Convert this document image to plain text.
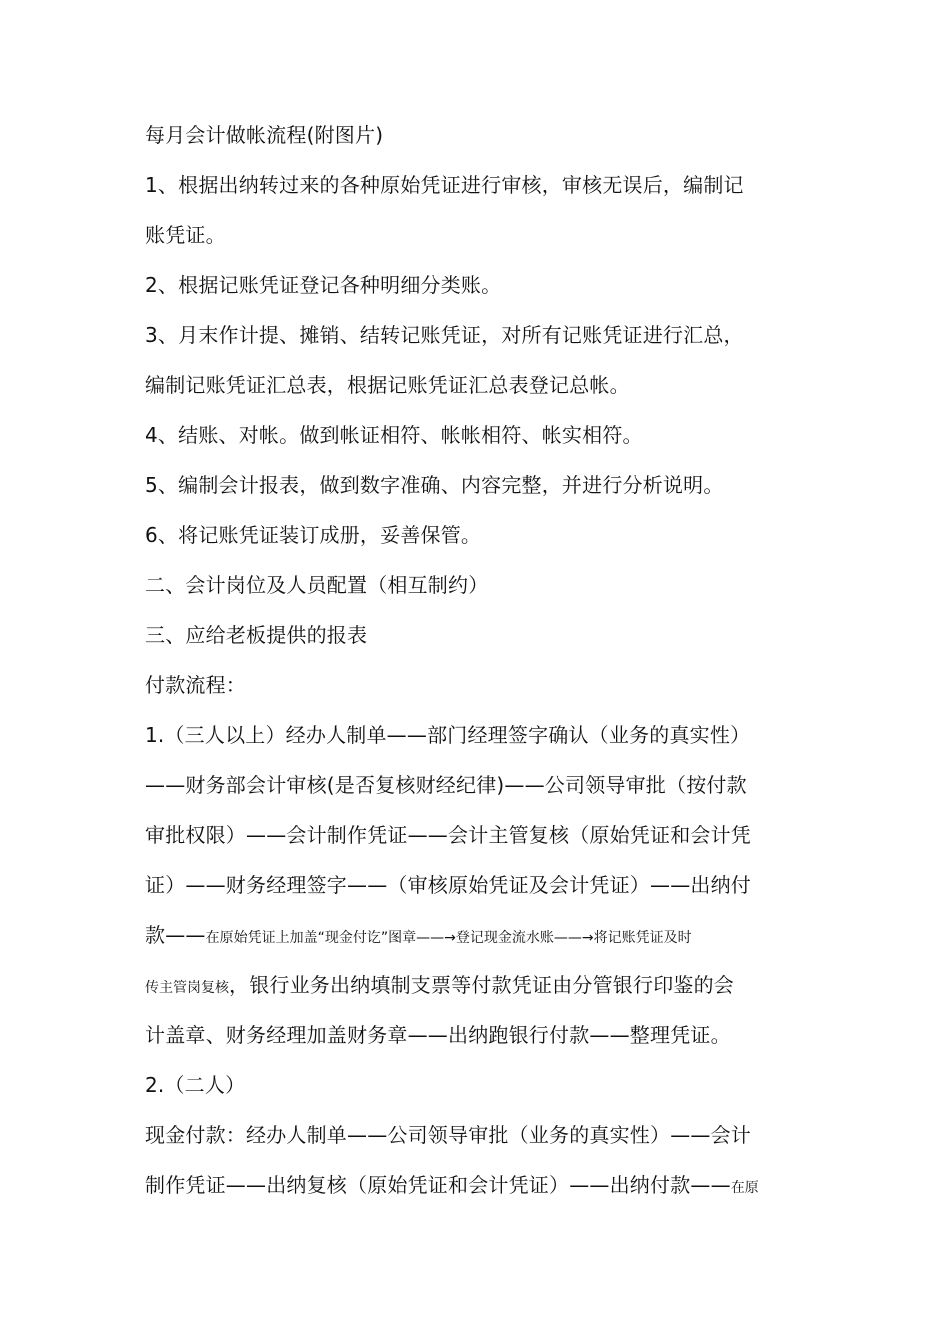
每月会计做帐流程(附图片)
1、根据出纳转过来的各种原始凭证进行审核，审核无误后，编制记
账凭证。
2、根据记账凭证登记各种明细分类账。
3、月末作计提、摊销、结转记账凭证，对所有记账凭证进行汇总，
编制记账凭证汇总表，根据记账凭证汇总表登记总帐。
4、结账、对帐。做到帐证相符、帐帐相符、帐实相符。
5、编制会计报表，做到数字准确、内容完整，并进行分析说明。
6、将记账凭证装订成册，妥善保管。
二、会计岗位及人员配置（相互制约）
三、应给老板提供的报表
付款流程：
1.（三人以上）经办人制单——部门经理签字确认（业务的真实性）
——财务部会计审核(是否复核财经纪律)——公司领导审批（按付款
审批权限）——会计制作凭证——会计主管复核（原始凭证和会计凭
证）——财务经理签字——（审核原始凭证及会计凭证）——出纳付
款——在原始凭证上加盖“现金付讫”图章——→登记现金流水账——→将记账凭证及时
传主管岗复核，银行业务出纳填制支票等付款凭证由分管银行印鉴的会
计盖章、财务经理加盖财务章——出纳跑银行付款——整理凭证。
2.（二人）
现金付款：经办人制单——公司领导审批（业务的真实性）——会计
制作凭证——出纳复核（原始凭证和会计凭证）——出纳付款——在原
